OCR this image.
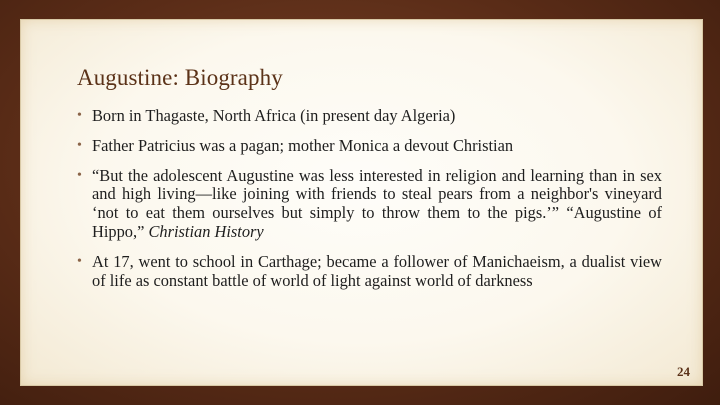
Augustine: Biography
• Born in Thagaste, North Africa (in present day Algeria)
• Father Patricius was a pagan; mother Monica a devout Christian
• “But the adolescent Augustine was less interested in religion and learning than in sex and high living—like joining with friends to steal pears from a neighbor's vineyard ‘not to eat them ourselves but simply to throw them to the pigs.’” “Augustine of Hippo,” Christian History
• At 17, went to school in Carthage; became a follower of Manichaeism, a dualist view of life as constant battle of world of light against world of darkness
24
